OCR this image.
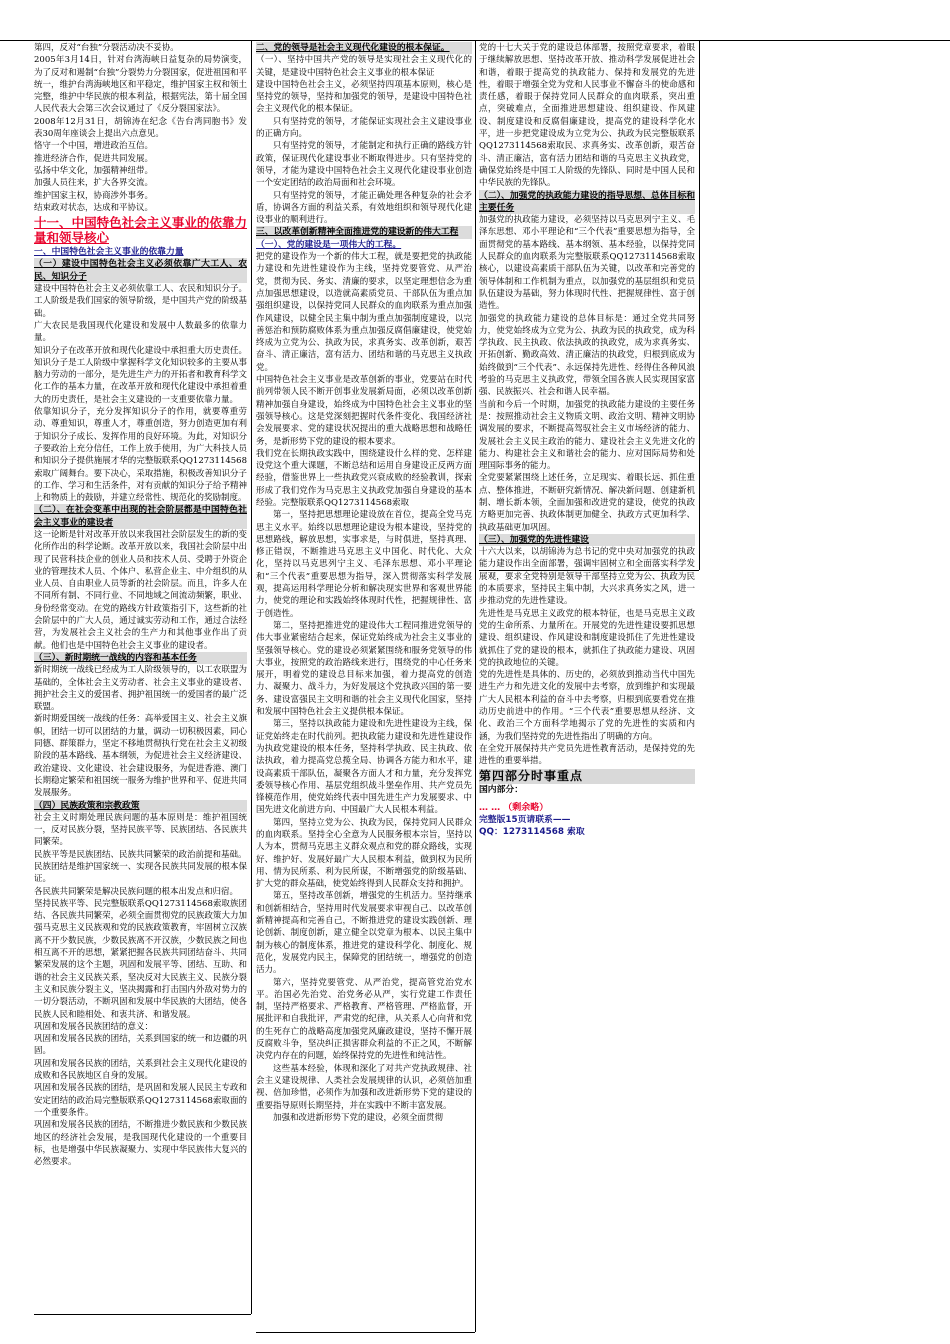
第四，反对“台独”分裂活动决不妥协。

2005年3月14日，针对台湾海峡日益复杂的局势演变，为了反对和遏制“台独”分裂势力分裂国家，促进祖国和平统一，维护台湾海峡地区和平稳定，维护国家主权和领土完整，维护中华民族的根本利益，根据宪法，第十届全国人民代表大会第三次会议通过了《反分裂国家法》。

2008年12月31日，胡锦涛在纪念《告台湾同胞书》发表30周年座谈会上提出六点意见。

恪守一个中国，增进政治互信。

推进经济合作，促进共同发展。

弘扬中华文化，加强精神纽带。

加强人员往来，扩大各界交流。

维护国家主权，协商涉外事务。

结束政对状态，达成和平协议。

十一、中国特色社会主义事业的依靠力量和领导核心

一、中国特色社会主义事业的依靠力量

（一）建设中国特色社会主义必须依靠广大工人、农民、知识分子

建设中国特色社会主义必须依靠工人、农民和知识分子。工人阶级是我们国家的领导阶级，是中国共产党的阶级基础。

广大农民是我国现代化建设和发展中人数最多的依靠力量。

知识分子在改革开放和现代化建设中承担重大历史责任。知识分子是工人阶级中掌握科学文化知识较多的主要从事脑力劳动的一部分，是先进生产力的开拓者和教育科学文化工作的基本力量，在改革开放和现代化建设中承担着重大的历史责任，是社会主义建设的一支重要依靠力量。

依靠知识分子，充分发挥知识分子的作用，就要尊重劳动、尊重知识，尊重人才，尊重创造，努力创造更加有利于知识分子成长、发挥作用的良好环境。为此，对知识分子要政治上充分信任，工作上放手使用，为广大科技人员和知识分子提供施展才华的完整版联系QQ1273114568索取广阔舞台。要下决心，采取措施，积极改善知识分子的工作、学习和生活条件，对有贡献的知识分子给予精神上和物质上的鼓励，并建立经常性、规范化的奖励制度。

（二）、在社会变革中出现的社会阶层都是中国特色社会主义事业的建设者

这一论断是针对改革开放以来我国社会阶层发生的新的变化所作出的科学论断。改革开放以来，我国社会阶层中出现了民营科技企业的创业人员和技术人员、受聘于外资企业的管理技术人员、个体户、私营企业主、中介组织的从业人员、自由职业人员等新的社会阶层。而且，许多人在不同所有制、不同行业、不同地域之间流动频繁，职业、身份经常变动。在党的路线方针政策指引下，这些新的社会阶层中的广大人员，通过诚实劳动和工作，通过合法经营，为发展社会主义社会的生产力和其他事业作出了贡献。他们也是中国特色社会主义事业的建设者。

（三）、新时期统一战线的内容和基本任务

新时期统一战线已经成为工人阶级领导的，以工农联盟为基础的，全体社会主义劳动者、社会主义事业的建设者、拥护社会主义的爱国者、拥护祖国统一的爱国者的最广泛联盟。

新时期爱国统一战线的任务：高举爱国主义、社会主义旗帜，团结一切可以团结的力量，调动一切积极因素，同心同德、群策群力，坚定不移地贯彻执行党在社会主义初级阶段的基本路线、基本纲领，为促进社会主义经济建设、政治建设、文化建设、社会建设服务，为促进香港、澳门长期稳定繁荣和祖国统一服务为维护世界和平、促进共同发展服务。

（四）民族政策和宗教政策

社会主义时期处理民族问题的基本原则是：维护祖国统一，反对民族分裂，坚持民族平等、民族团结、各民族共同繁荣。

民族平等是民族团结、民族共同繁荣的政治前提和基础。

民族团结是维护国家统一、实现各民族共同发展的根本保证。

各民族共同繁荣是解决民族问题的根本出发点和归宿。

坚持民族平等、民完整版联系QQ1273114568索取族团结、各民族共同繁荣，必须全面贯彻党的民族政策大力加强马克思主义民族观和党的民族政策教育，牢固树立汉族离不开少数民族，少数民族离不开汉族，少数民族之间也相互离不开的思想，紧紧把握各民族共同团结奋斗、共同繁荣发展的这个主题，巩固和发展平等、团结、互助、和谐的社会主义民族关系，坚决反对大民族主义、民族分裂主义和民族分裂主义，坚决揭露和打击国内外敌对势力的一切分裂活动，不断巩固和发展中华民族的大团结，使各民族人民和睦相处、和衷共济、和谐发展。

巩固和发展各民族团结的意义：

巩固和发展各民族的团结，关系到国家的统一和边疆的巩固。

巩固和发展各民族的团结，关系到社会主义现代化建设的成败和各民族地区自身的发展。

巩固和发展各民族的团结，是巩固和发展人民民主专政和安定团结的政治局完整版联系QQ1273114568索取面的一个重要条件。

巩固和发展各民族的团结，不断推进少数民族和少数民族地区的经济社会发展，是我国现代化建设的一个重要目标，也是增强中华民族凝聚力、实现中华民族伟大复兴的必然要求。

二、党的领导是社会主义现代化建设的根本保证。

（一）、坚持中国共产党的领导是实现社会主义现代化的关键，是建设中国特色社会主义事业的根本保证

建设中国特色社会主义，必须坚持四项基本原则，核心是坚持党的领导，坚持和加强党的领导，是建设中国特色社会主义现代化的根本保证。

只有坚持党的领导，才能保证实现社会主义建设事业的正确方向。

只有坚持党的领导，才能制定和执行正确的路线方针政策，保证现代化建设事业不断取得进步。只有坚持党的领导，才能为建设中国特色社会主义现代化建设事业创造一个安定团结的政治局面和社会环境。

只有坚持党的领导，才能正确处理各种复杂的社会矛盾，协调各方面的利益关系，有效地组织和领导现代化建设事业的顺利进行。

三、以改革创新精神全面推进党的建设新的伟大工程

（一）、党的建设是一项伟大的工程。

把党的建设作为一个新的伟大工程，就是要把党的执政能力建设和先进性建设作为主线，坚持党要管党、从严治党，贯彻为民、务实、清廉的要求，以坚定理想信念为重点加强思想建设，以造就高素质党员、干部队伍为重点加强组织建设，以保持党同人民群众的血肉联系为重点加强作风建设，以健全民主集中制为重点加强制度建设，以完善惩治和预防腐败体系为重点加强反腐倡廉建设，使党始终成为立党为公、执政为民，求真务实、改革创新，艰苦奋斗、清正廉洁，富有活力、团结和谐的马克思主义执政党。

中国特色社会主义事业是改革创新的事业，党要站在时代前列带领人民不断开创事业发展新局面，必须以改革创新精神加强自身建设，始终成为中国特色社会主义事业的坚强领导核心。这是党深刻把握时代条件变化、我国经济社会发展要求、党的建设状况提出的重大战略思想和战略任务，是新形势下党的建设的根本要求。

我们党在长期执政实践中，围绕建设什么样的党、怎样建设党这个重大课题，不断总结和运用自身建设正反两方面经验，借鉴世界上一些执政党兴衰成败的经验教训，探索形成了我们党作为马克思主义执政党加强自身建设的基本经验。完整版联系QQ1273114568索取

第一，坚持把思想理论建设放在首位，提高全党马克思主义水平。始终以思想理论建设为根本建设，坚持党的思想路线，解放思想，实事求是，与时俱进，坚持真理、修正错误，不断推进马克思主义中国化、时代化、大众化，坚持以马克思列宁主义、毛泽东思想、邓小平理论和“三个代表”重要思想为指导，深入贯彻落实科学发展观，提高运用科学理论分析和解决现实世界和客观世界能力，使党的理论和实践始终体现时代性，把握规律性、富于创造性。

第二，坚持把推进党的建设伟大工程同推进党领导的伟大事业紧密结合起来，保证党始终成为社会主义事业的坚强领导核心。党的建设必须紧紧围绕和服务党领导的伟大事业，按照党的政治路线来进行，围绕党的中心任务来展开，明着党的建设总目标来加强，着力提高党的创造力、凝聚力、战斗力，为好发展这个党执政兴国的第一要务、建设富强民主文明和谐的社会主义现代化国家，坚持和发展中国特色社会主义提供根本保证。

第三，坚持以执政能力建设和先进性建设为主线，保证党始终走在时代前列。把执政能力建设和先进性建设作为执政党建设的根本任务，坚持科学执政、民主执政、依法执政，着力提高党总揽全局、协调各方能力和水平，建设高素质干部队伍，凝聚各方面人才和力量，充分发挥党委领导核心作用、基层党组织战斗堡垒作用、共产党员先锋模范作用，使党始终代表中国先进生产力发展要求、中国先进文化前进方向、中国最广大人民根本利益。

第四，坚持立党为公、执政为民，保持党同人民群众的血肉联系。坚持全心全意为人民服务根本宗旨，坚持以人为本，贯彻马克思主义群众观点和党的群众路线，实现好、维护好、发展好最广大人民根本利益，做到权为民所用、情为民所系、利为民所谋，不断增强党的阶级基础、扩大党的群众基础，使党始终得到人民群众支持和拥护。

第五，坚持改革创新，增强党的生机活力。坚持继承和创新相结合，坚持用时代发展要求审视自己、以改革创新精神提高和完善自己，不断推进党的建设实践创新、理论创新、制度创新，建立健全以党章为根本、以民主集中制为核心的制度体系，推进党的建设科学化、制度化、规范化，发展党内民主，保障党的团结统一，增强党的创造活力。

第六，坚持党要管党、从严治党，提高管党治党水平。治国必先治党、治党务必从严，实行党建工作责任制，坚持严格要求、严格教育、严格管理、严格监督，开展批评和自我批评，严肃党的纪律，从关系人心向背和党的生死存亡的战略高度加强党风廉政建设，坚持不懈开展反腐败斗争，坚决纠正损害群众利益的不正之风，不断解决党内存在的问题，始终保持党的先进性和纯洁性。

这些基本经验，体现和深化了对共产党执政规律、社会主义建设规律、人类社会发展规律的认识，必须倍加重视、倍加珍惜，必须作为加强和改进新形势下党的建设的重要指导原则长期坚持，并在实践中不断丰富发展。

加强和改进新形势下党的建设，必须全面贯彻

党的十七大关于党的建设总体部署，按照党章要求，着眼于继续解放思想、坚持改革开放、推动科学发展促进社会和谐，着眼于提高党的执政能力、保持和发展党的先进性，着眼于增强全党为党和人民事业不懈奋斗的使命感和责任感，着眼于保持党同人民群众的血肉联系，突出重点，突破难点，全面推进思想建设、组织建设、作风建设、制度建设和反腐倡廉建设，提高党的建设科学化水平，进一步把党建设成为立党为公、执政为民完整版联系QQ1273114568索取民、求真务实、改革创新，艰苦奋斗、清正廉洁，富有活力团结和谐的马克思主义执政党，确保党始终是中国工人阶级的先锋队、同时是中国人民和中华民族的先锋队。

（二）、加强党的执政能力建设的指导思想、总体目标和主要任务

加强党的执政能力建设，必须坚持以马克思列宁主义、毛泽东思想、邓小平理论和“三个代表”重要思想为指导，全面贯彻党的基本路线、基本纲领、基本经验，以保持党同人民群众的血肉联系为完整版联系QQ1273114568索取核心，以建设高素质干部队伍为关键，以改革和完善党的领导体制和工作机制为重点，以加强党的基层组织和党员队伍建设为基础，努力体现时代性、把握规律性、富于创造性。

加强党的执政能力建设的总体目标是：通过全党共同努力，使党始终成为立党为公、执政为民的执政党，成为科学执政、民主执政、依法执政的执政党，成为求真务实、开拓创新、勤政高效、清正廉洁的执政党，归根到底成为始终做到“三个代表”、永远保持先进性、经得住各种风浪考验的马克思主义执政党，带领全国各族人民实现国家富强、民族振兴、社会和谐人民幸福。

当前和今后一个时期，加强党的执政能力建设的主要任务是：按照推动社会主义物质文明、政治文明、精神文明协调发展的要求，不断提高驾驭社会主义市场经济的能力、发展社会主义民主政治的能力、建设社会主义先进文化的能力、构建社会主义和谐社会的能力、应对国际局势和处理国际事务的能力。

全党要紧紧围绕上述任务，立足现实、着眼长远、抓住重点、整体推进，不断研究新情况、解决新问题、创建新机制、增长新本领，全面加强和改进党的建设，使党的执政方略更加完善、执政体制更加健全、执政方式更加科学、执政基础更加巩固。

（三）、加强党的先进性建设

十六大以来，以胡锦涛为总书记的党中央对加强党的执政能力建设作出全面部署，强调牢固树立和全面落实科学发展观，要求全党特别是领导干部坚持立党为公、执政为民的本质要求，坚持民主集中制，大兴求真务实之风，进一步推动党的先进性建设。

先进性是马克思主义政党的根本特征，也是马克思主义政党的生命所系、力量所在。开展党的先进性建设要抓思想建设、组织建设、作风建设和制度建设抓住了先进性建设就抓住了党的建设的根本，就抓住了执政能力建设、巩固党的执政地位的关键。

党的先进性是具体的、历史的，必须放到推动当代中国先进生产力和先进文化的发展中去考察，放到维护和实现最广大人民根本利益的奋斗中去考察，归根到底要看党在推动历史前进中的作用。“三个代表”重要思想从经济、文化、政治三个方面科学地揭示了党的先进性的实质和内涵，为我们坚持党的先进性指出了明确的方向。

在全党开展保持共产党员先进性教育活动，是保持党的先进性的重要举措。

第四部分时事重点

国内部分：

… … （剩余略）

完整版15页请联系——

QQ：1273114568 索取
